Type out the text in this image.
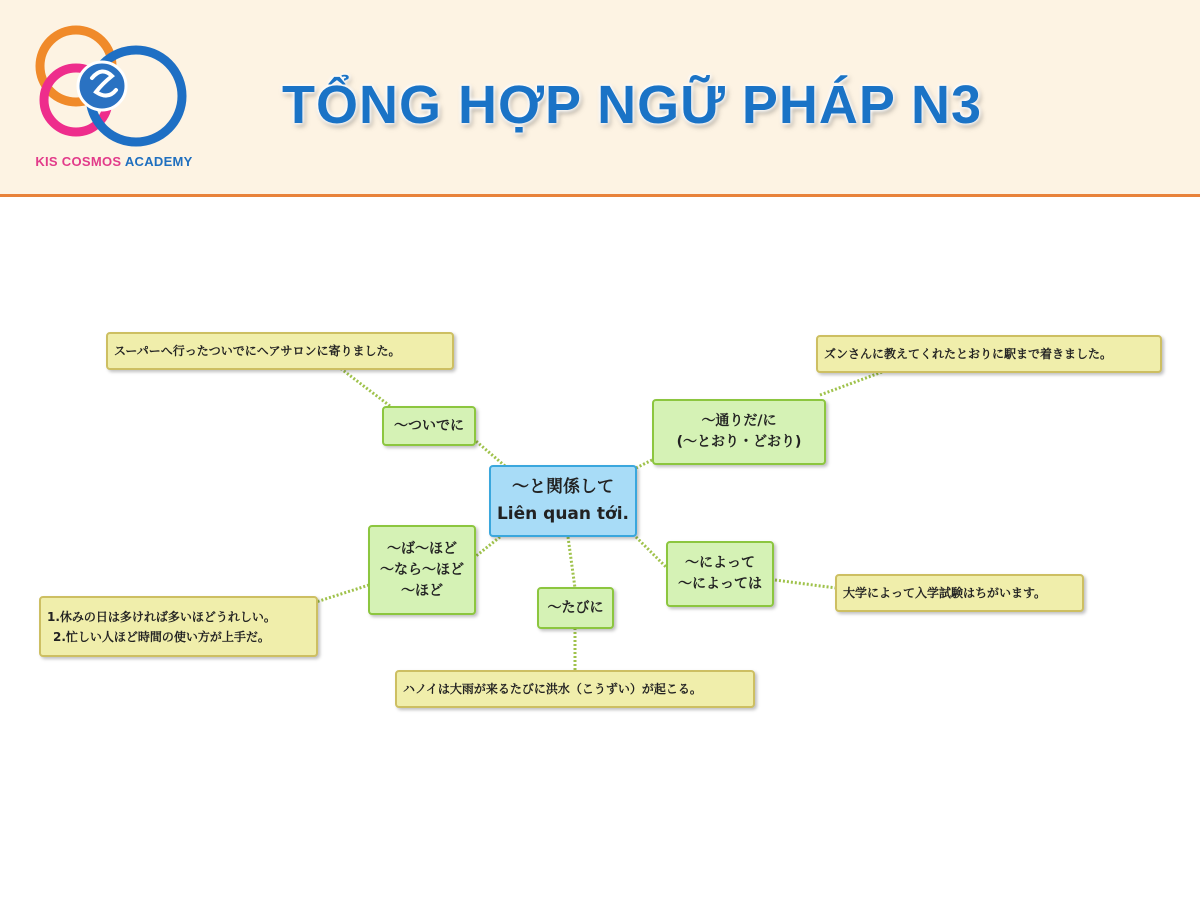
KIS COSMOS ACADEMY
TỔNG HỢP NGỮ PHÁP N3
～と関係して
Liên quan tới.
～ついでに	～通りだ/に
(～とおり・どおり)
～ば～ほど
～なら～ほど
～ほど
～たびに
～によって
～によっては
スーパーへ行ったついでにヘアサロンに寄りました。	ズンさんに教えてくれたとおりに駅まで着きました。
1.休みの日は多ければ多いほどうれしい。
2.忙しい人ほど時間の使い方が上手だ。
ハノイは大雨が来るたびに洪水（こうずい）が起こる。
大学によって入学試験はちがいます。
